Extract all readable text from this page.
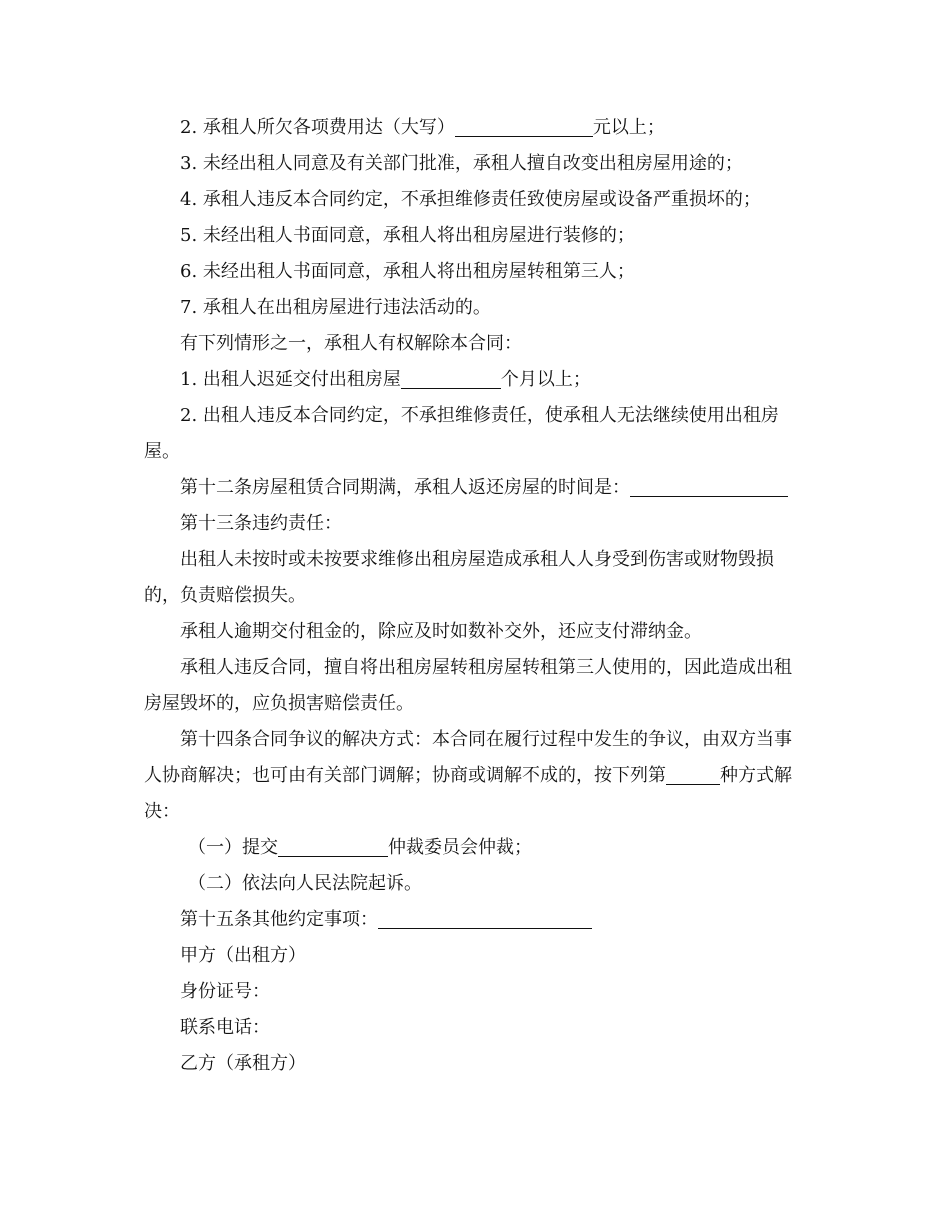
2. 承租人所欠各项费用达（大写）	元以上；

3. 未经出租人同意及有关部门批准，承租人擅自改变出租房屋用途的；

4. 承租人违反本合同约定，不承担维修责任致使房屋或设备严重损坏的；

5. 未经出租人书面同意，承租人将出租房屋进行装修的；

6. 未经出租人书面同意，承租人将出租房屋转租第三人；

7. 承租人在出租房屋进行违法活动的。

有下列情形之一，承租人有权解除本合同：

1. 出租人迟延交付出租房屋	个月以上；

2. 出租人违反本合同约定，不承担维修责任，使承租人无法继续使用出租房屋。

第十二条房屋租赁合同期满，承租人返还房屋的时间是：

第十三条违约责任：

出租人未按时或未按要求维修出租房屋造成承租人人身受到伤害或财物毁损的，负责赔偿损失。

承租人逾期交付租金的，除应及时如数补交外，还应支付滞纳金。

承租人违反合同，擅自将出租房屋转租房屋转租第三人使用的，因此造成出租房屋毁坏的，应负损害赔偿责任。

第十四条合同争议的解决方式：本合同在履行过程中发生的争议，由双方当事人协商解决；也可由有关部门调解；协商或调解不成的，按下列第	种方式解决：

（一）提交	仲裁委员会仲裁；

（二）依法向人民法院起诉。

第十五条其他约定事项：

甲方（出租方）

身份证号：

联系电话：

乙方（承租方）
